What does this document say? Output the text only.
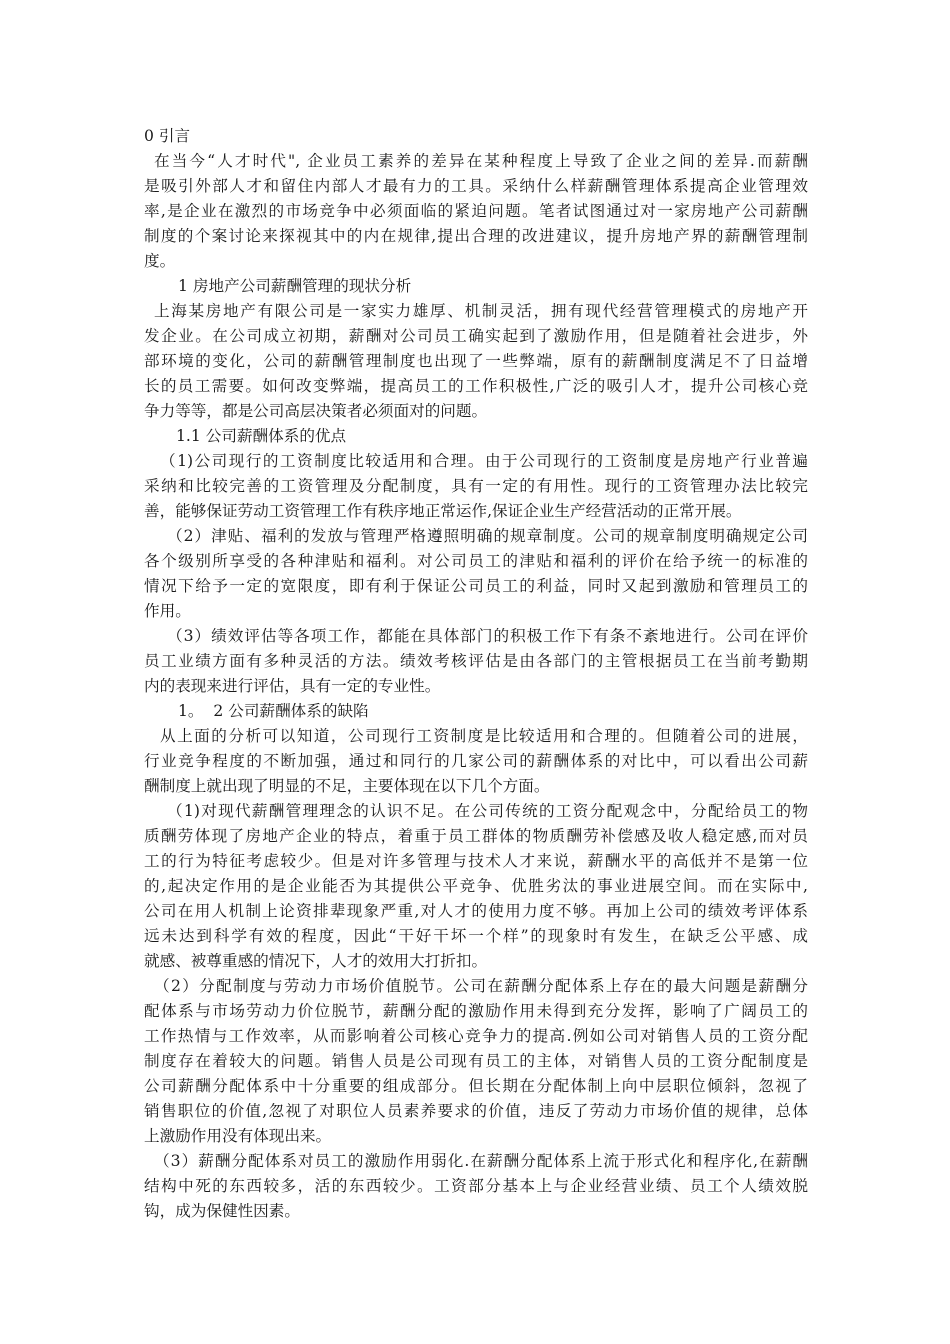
0 引言
在当今“人才时代", 企业员工素养的差异在某种程度上导致了企业之间的差异.而薪酬
是吸引外部人才和留住内部人才最有力的工具。采纳什么样薪酬管理体系提高企业管理效
率,是企业在激烈的市场竞争中必须面临的紧迫问题。笔者试图通过对一家房地产公司薪酬
制度的个案讨论来探视其中的内在规律,提出合理的改进建议，提升房地产界的薪酬管理制
度。
1 房地产公司薪酬管理的现状分析
上海某房地产有限公司是一家实力雄厚、机制灵活，拥有现代经营管理模式的房地产开
发企业。在公司成立初期，薪酬对公司员工确实起到了激励作用，但是随着社会进步，外
部环境的变化，公司的薪酬管理制度也出现了一些弊端，原有的薪酬制度满足不了日益增
长的员工需要。如何改变弊端，提高员工的工作积极性,广泛的吸引人才，提升公司核心竞
争力等等，都是公司高层决策者必须面对的问题。
1.1 公司薪酬体系的优点
（1)公司现行的工资制度比较适用和合理。由于公司现行的工资制度是房地产行业普遍
采纳和比较完善的工资管理及分配制度，具有一定的有用性。现行的工资管理办法比较完
善，能够保证劳动工资管理工作有秩序地正常运作,保证企业生产经营活动的正常开展。
（2）津贴、福利的发放与管理严格遵照明确的规章制度。公司的规章制度明确规定公司
各个级别所享受的各种津贴和福利。对公司员工的津贴和福利的评价在给予统一的标准的
情况下给予一定的宽限度，即有利于保证公司员工的利益，同时又起到激励和管理员工的
作用。
（3）绩效评估等各项工作，都能在具体部门的积极工作下有条不紊地进行。公司在评价
员工业绩方面有多种灵活的方法。绩效考核评估是由各部门的主管根据员工在当前考勤期
内的表现来进行评估，具有一定的专业性。
1。  2 公司薪酬体系的缺陷
从上面的分析可以知道，公司现行工资制度是比较适用和合理的。但随着公司的进展，
行业竞争程度的不断加强，通过和同行的几家公司的薪酬体系的对比中，可以看出公司薪
酬制度上就出现了明显的不足，主要体现在以下几个方面。
（1)对现代薪酬管理理念的认识不足。在公司传统的工资分配观念中，分配给员工的物
质酬劳体现了房地产企业的特点，着重于员工群体的物质酬劳补偿感及收人稳定感,而对员
工的行为特征考虑较少。但是对许多管理与技术人才来说，薪酬水平的高低并不是第一位
的,起决定作用的是企业能否为其提供公平竞争、优胜劣汰的事业进展空间。而在实际中,
公司在用人机制上论资排辈现象严重,对人才的使用力度不够。再加上公司的绩效考评体系
远未达到科学有效的程度，因此“干好干坏一个样”的现象时有发生，在缺乏公平感、成
就感、被尊重感的情况下，人才的效用大打折扣。
（2）分配制度与劳动力市场价值脱节。公司在薪酬分配体系上存在的最大问题是薪酬分
配体系与市场劳动力价位脱节，薪酬分配的激励作用未得到充分发挥，影响了广阔员工的
工作热情与工作效率，从而影响着公司核心竞争力的提高.例如公司对销售人员的工资分配
制度存在着较大的问题。销售人员是公司现有员工的主体，对销售人员的工资分配制度是
公司薪酬分配体系中十分重要的组成部分。但长期在分配体制上向中层职位倾斜，忽视了
销售职位的价值,忽视了对职位人员素养要求的价值，违反了劳动力市场价值的规律，总体
上激励作用没有体现出来。
（3）薪酬分配体系对员工的激励作用弱化.在薪酬分配体系上流于形式化和程序化,在薪酬
结构中死的东西较多，活的东西较少。工资部分基本上与企业经营业绩、员工个人绩效脱
钩，成为保健性因素。
